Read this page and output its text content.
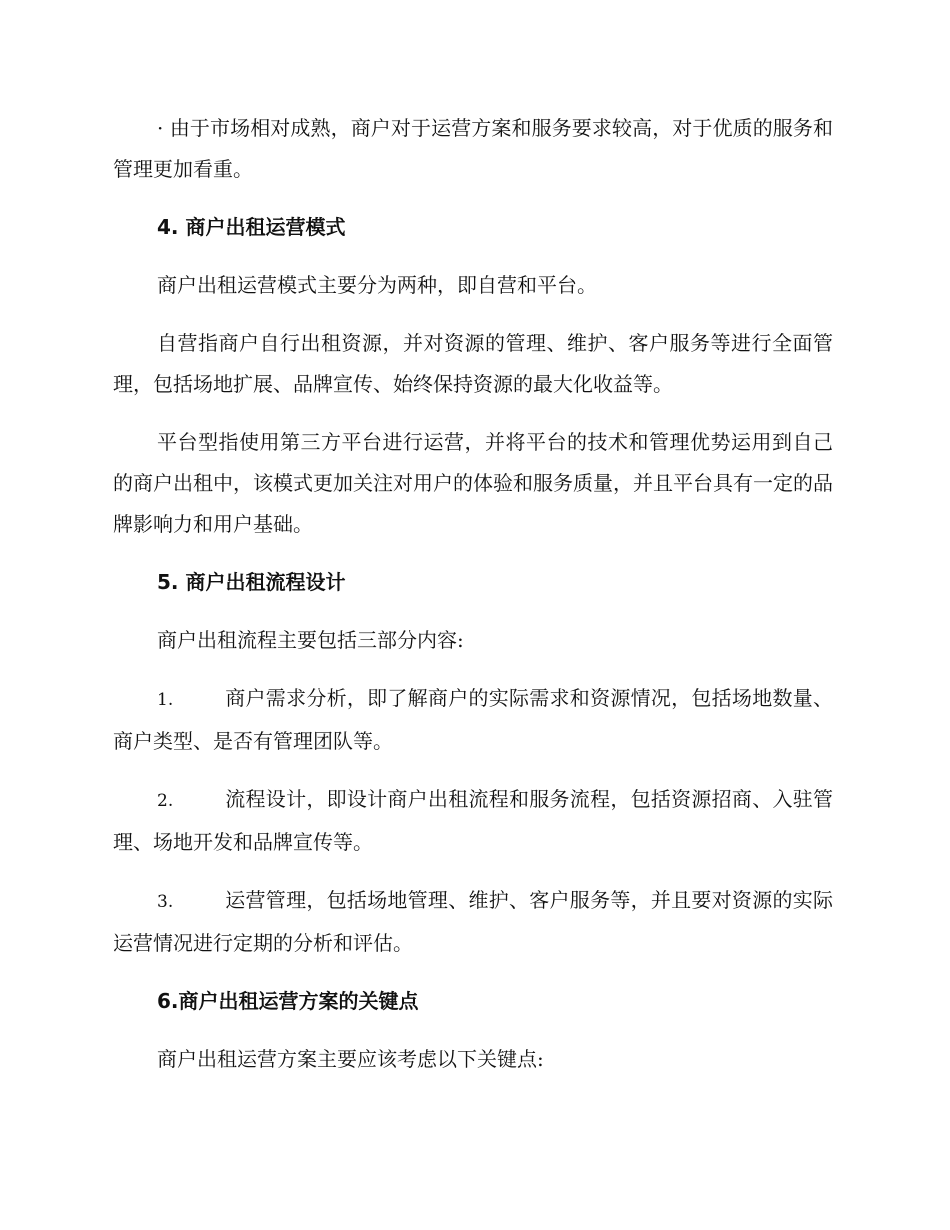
· 由于市场相对成熟，商户对于运营方案和服务要求较高，对于优质的服务和管理更加看重。

4. 商户出租运营模式

商户出租运营模式主要分为两种，即自营和平台。

自营指商户自行出租资源，并对资源的管理、维护、客户服务等进行全面管理，包括场地扩展、品牌宣传、始终保持资源的最大化收益等。

平台型指使用第三方平台进行运营，并将平台的技术和管理优势运用到自己的商户出租中，该模式更加关注对用户的体验和服务质量，并且平台具有一定的品牌影响力和用户基础。

5. 商户出租流程设计

商户出租流程主要包括三部分内容:

1.	商户需求分析，即了解商户的实际需求和资源情况，包括场地数量、商户类型、是否有管理团队等。

2.	流程设计，即设计商户出租流程和服务流程，包括资源招商、入驻管理、场地开发和品牌宣传等。

3.	运营管理，包括场地管理、维护、客户服务等，并且要对资源的实际运营情况进行定期的分析和评估。

6.商户出租运营方案的关键点

商户出租运营方案主要应该考虑以下关键点:
